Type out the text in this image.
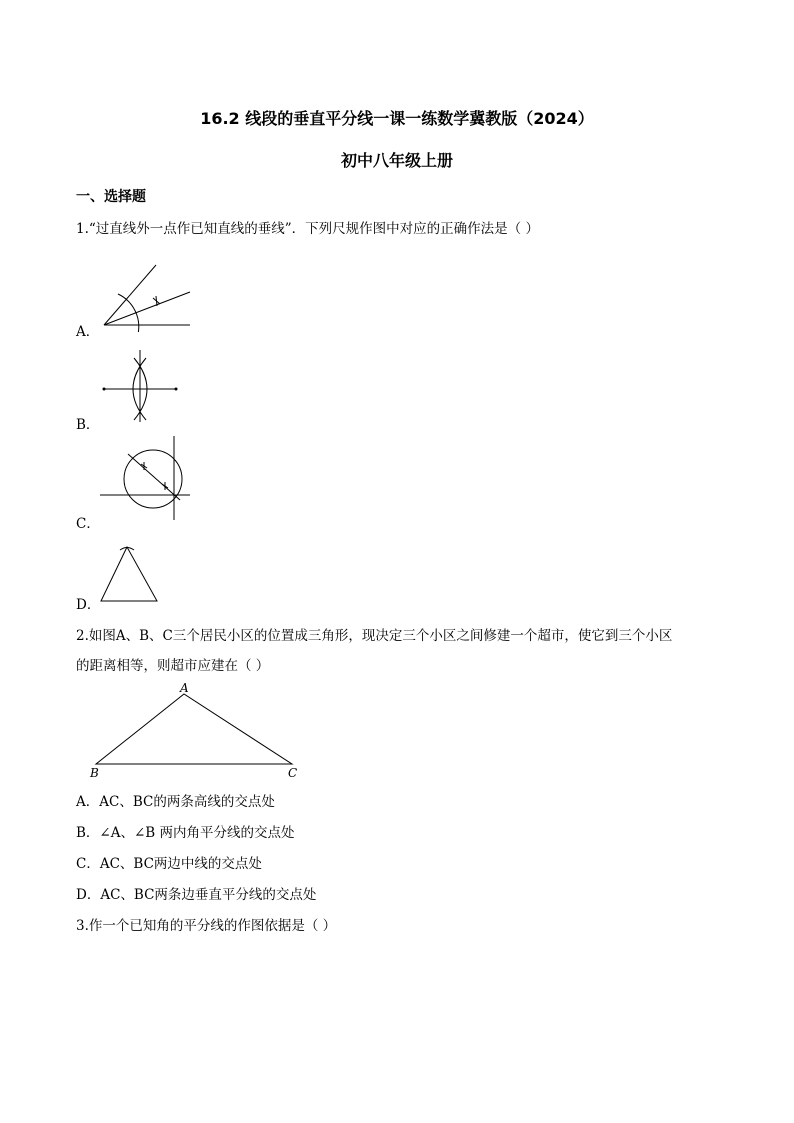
16.2 线段的垂直平分线一课一练数学冀教版（2024）
初中八年级上册
一、选择题
1.“过直线外一点作已知直线的垂线”．下列尺规作图中对应的正确作法是（ ）
A．
B．
C．
D．
2.如图A、B、C三个居民小区的位置成三角形，现决定三个小区之间修建一个超市，使它到三个小区
的距离相等，则超市应建在（ ）
A
B	C
A．AC、BC的两条高线的交点处
B．∠A、∠B 两内角平分线的交点处
C．AC、BC两边中线的交点处
D．AC、BC两条边垂直平分线的交点处
3.作一个已知角的平分线的作图依据是（ ）
